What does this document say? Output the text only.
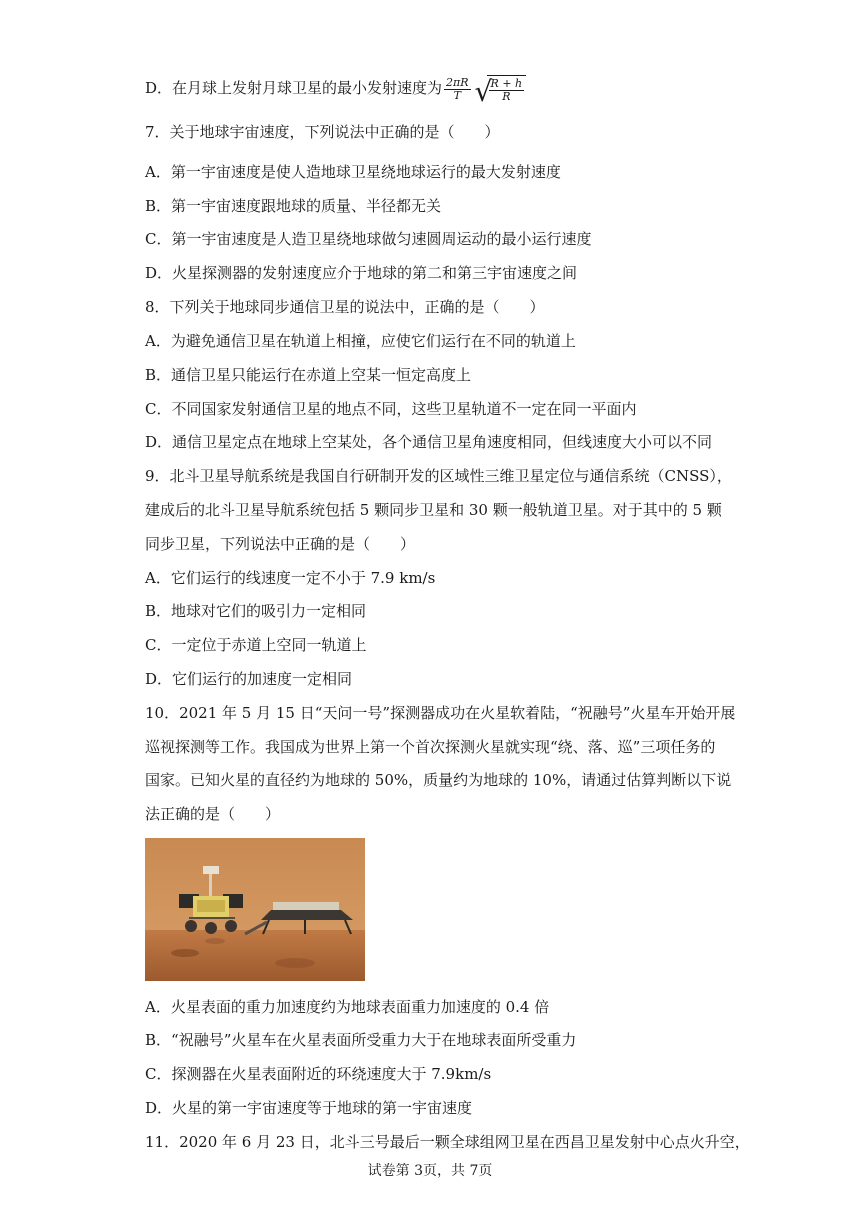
D．在月球上发射月球卫星的最小发射速度为 $\frac{2\pi R}{T}$ √
$\frac{R + h}{R}$
7．关于地球宇宙速度，下列说法中正确的是（　　）
A．第一宇宙速度是使人造地球卫星绕地球运行的最大发射速度
B．第一宇宙速度跟地球的质量、半径都无关
C．第一宇宙速度是人造卫星绕地球做匀速圆周运动的最小运行速度
D．火星探测器的发射速度应介于地球的第二和第三宇宙速度之间
8．下列关于地球同步通信卫星的说法中，正确的是（　　）
A．为避免通信卫星在轨道上相撞，应使它们运行在不同的轨道上
B．通信卫星只能运行在赤道上空某一恒定高度上
C．不同国家发射通信卫星的地点不同，这些卫星轨道不一定在同一平面内
D．通信卫星定点在地球上空某处，各个通信卫星角速度相同，但线速度大小可以不同
9．北斗卫星导航系统是我国自行研制开发的区域性三维卫星定位与通信系统（CNSS），
建成后的北斗卫星导航系统包括 5 颗同步卫星和 30 颗一般轨道卫星。对于其中的 5 颗
同步卫星，下列说法中正确的是（　　）
A．它们运行的线速度一定不小于 7.9 km/s
B．地球对它们的吸引力一定相同
C．一定位于赤道上空同一轨道上
D．它们运行的加速度一定相同
10．2021 年 5 月 15 日“天问一号”探测器成功在火星软着陆，“祝融号”火星车开始开展
巡视探测等工作。我国成为世界上第一个首次探测火星就实现“绕、落、巡”三项任务的
国家。已知火星的直径约为地球的 50%，质量约为地球的 10%，请通过估算判断以下说
法正确的是（　　）
A．火星表面的重力加速度约为地球表面重力加速度的 0.4 倍
B．“祝融号”火星车在火星表面所受重力大于在地球表面所受重力
C．探测器在火星表面附近的环绕速度大于 7.9km/s
D．火星的第一宇宙速度等于地球的第一宇宙速度
11．2020 年 6 月 23 日，北斗三号最后一颗全球组网卫星在西昌卫星发射中心点火升空，
试卷第 3页，共 7页
